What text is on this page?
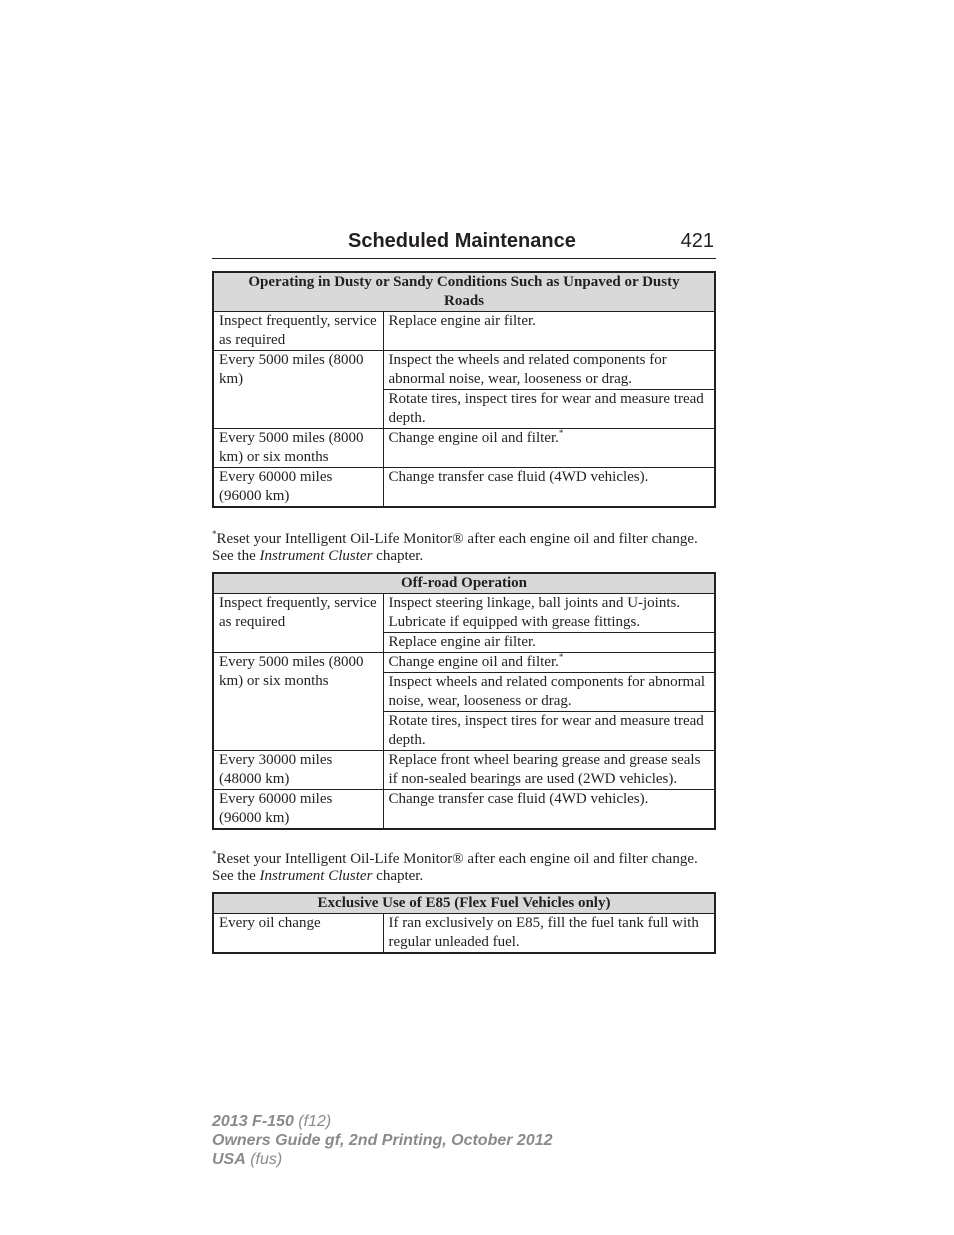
Scheduled Maintenance	421
Operating in Dusty or Sandy Conditions Such as Unpaved or Dusty Roads	
Inspect frequently, service as required	Replace engine air filter.
Every 5000 miles (8000 km)	Inspect the wheels and related components for abnormal noise, wear, looseness or drag.
	Rotate tires, inspect tires for wear and measure tread depth.
Every 5000 miles (8000 km) or six months	Change engine oil and filter.*
Every 60000 miles (96000 km)	Change transfer case fluid (4WD vehicles).
*Reset your Intelligent Oil-Life Monitor® after each engine oil and filter change. See the Instrument Cluster chapter.
Off-road Operation	
Inspect frequently, service as required	Inspect steering linkage, ball joints and U-joints. Lubricate if equipped with grease fittings.
	Replace engine air filter.
Every 5000 miles (8000 km) or six months	Change engine oil and filter.*
	Inspect wheels and related components for abnormal noise, wear, looseness or drag.
	Rotate tires, inspect tires for wear and measure tread depth.
Every 30000 miles (48000 km)	Replace front wheel bearing grease and grease seals if non-sealed bearings are used (2WD vehicles).
Every 60000 miles (96000 km)	Change transfer case fluid (4WD vehicles).
*Reset your Intelligent Oil-Life Monitor® after each engine oil and filter change. See the Instrument Cluster chapter.
Exclusive Use of E85 (Flex Fuel Vehicles only)
Every oil change	If ran exclusively on E85, fill the fuel tank full with regular unleaded fuel.
2013 F-150 (f12)
Owners Guide gf, 2nd Printing, October 2012
USA (fus)
